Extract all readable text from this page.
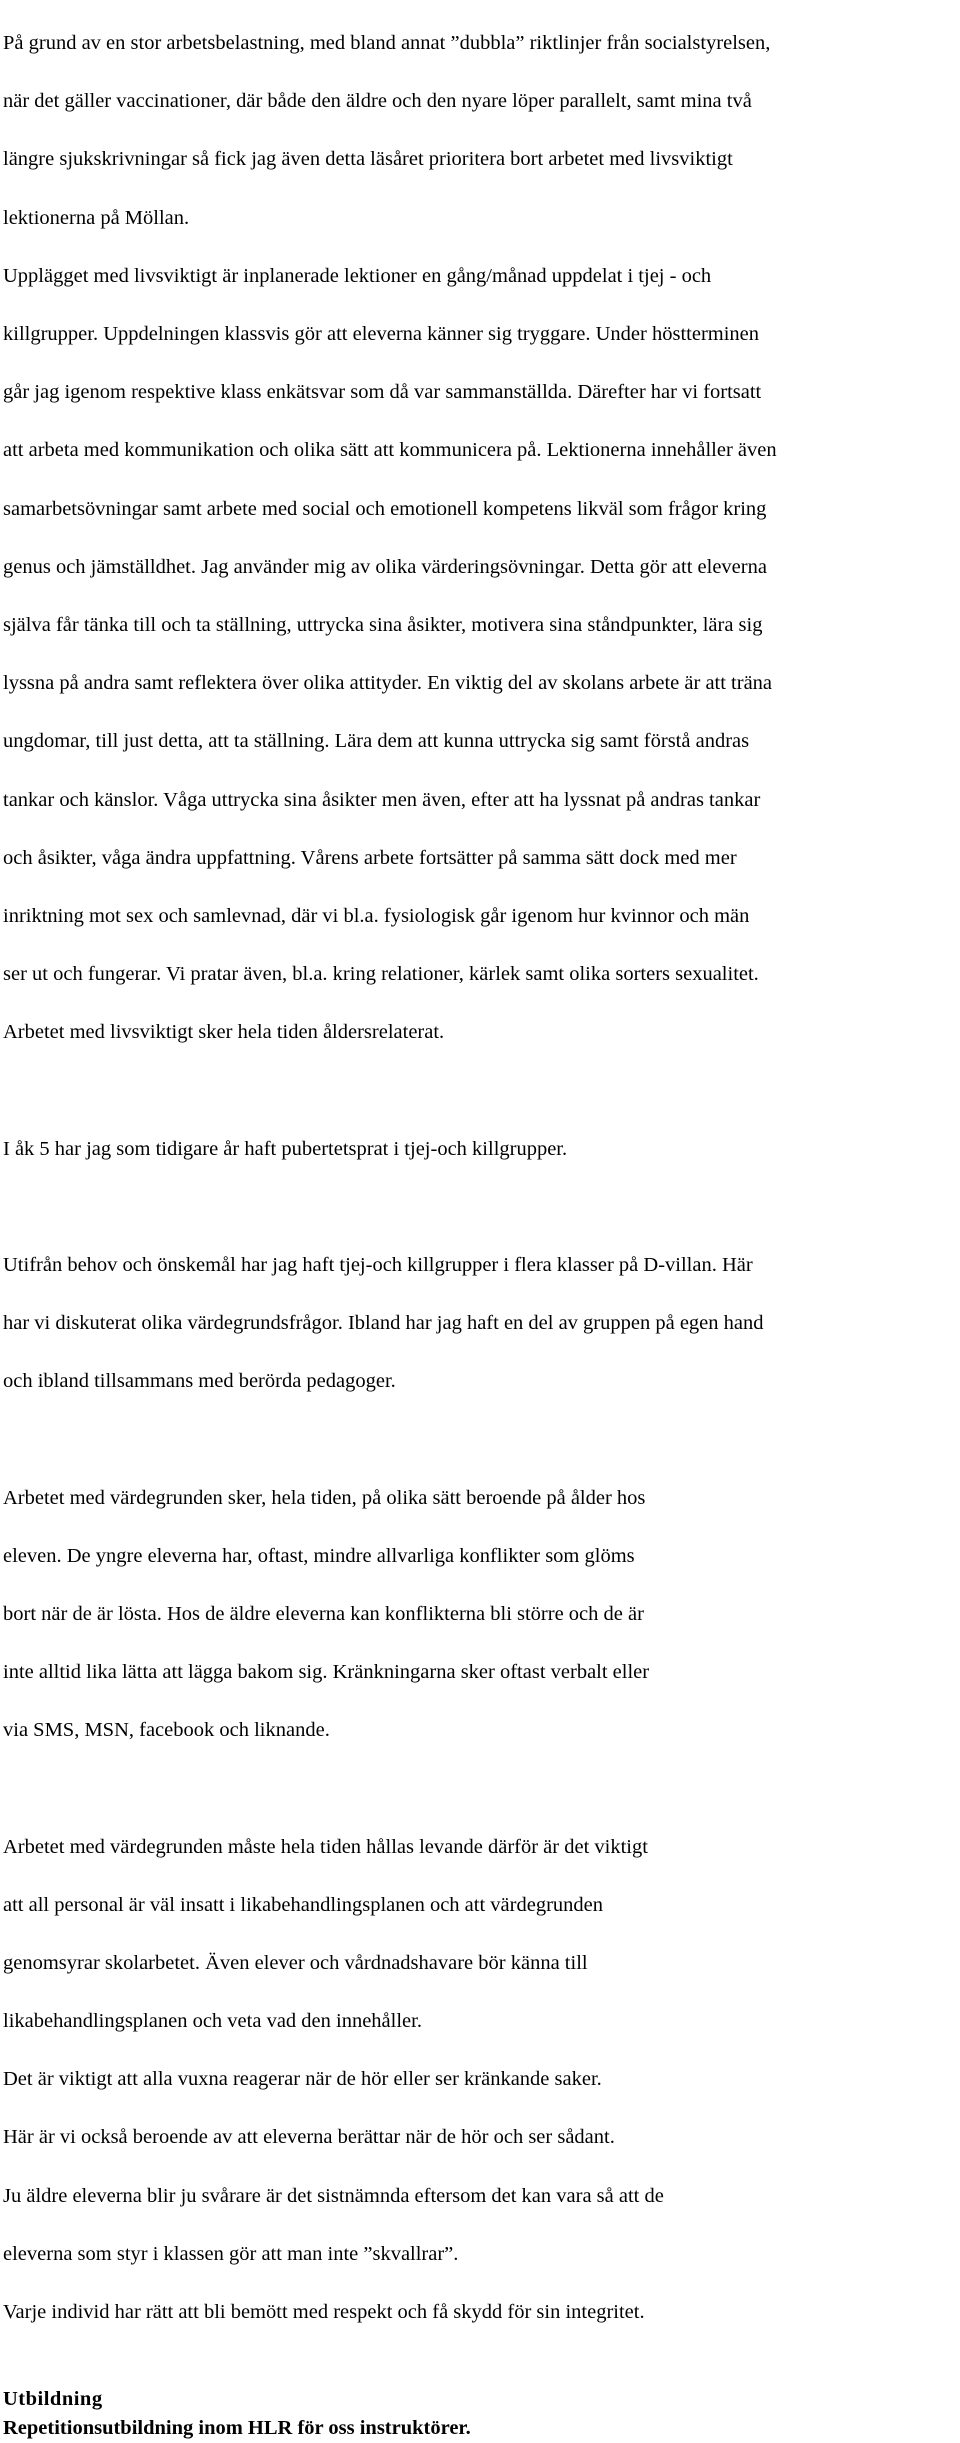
På grund av en stor arbetsbelastning, med bland annat ”dubbla” riktlinjer från socialstyrelsen,

när det gäller vaccinationer, där både den äldre och den nyare löper parallelt, samt mina två

längre sjukskrivningar så fick jag även detta läsåret prioritera bort arbetet med livsviktigt

lektionerna på Möllan.

Upplägget med livsviktigt är inplanerade lektioner en gång/månad uppdelat i tjej - och

killgrupper. Uppdelningen klassvis gör att eleverna känner sig tryggare. Under höstterminen

går jag igenom respektive klass enkätsvar som då var sammanställda. Därefter har vi fortsatt

att arbeta med kommunikation och olika sätt att kommunicera på. Lektionerna innehåller även

samarbetsövningar samt arbete med social och emotionell kompetens likväl som frågor kring

genus och jämställdhet. Jag använder mig av olika värderingsövningar. Detta gör att eleverna

själva får tänka till och ta ställning, uttrycka sina åsikter, motivera sina ståndpunkter, lära sig

lyssna på andra samt reflektera över olika attityder. En viktig del av skolans arbete är att träna

ungdomar, till just detta, att ta ställning. Lära dem att kunna uttrycka sig samt förstå andras

tankar och känslor. Våga uttrycka sina åsikter men även, efter att ha lyssnat på andras tankar

och åsikter, våga ändra uppfattning. Vårens arbete fortsätter på samma sätt dock med mer

inriktning mot sex och samlevnad, där vi bl.a. fysiologisk går igenom hur kvinnor och män

ser ut och fungerar. Vi pratar även, bl.a. kring relationer, kärlek samt olika sorters sexualitet.

Arbetet med livsviktigt sker hela tiden åldersrelaterat.

I åk 5 har jag som tidigare år haft pubertetsprat i tjej-och killgrupper.

Utifrån behov och önskemål har jag haft tjej-och killgrupper i flera klasser på D-villan. Här

har vi diskuterat olika värdegrundsfrågor. Ibland har jag haft en del av gruppen på egen hand

och ibland tillsammans med berörda pedagoger.

Arbetet med värdegrunden sker, hela tiden, på olika sätt beroende på ålder hos

eleven. De yngre eleverna har, oftast, mindre allvarliga konflikter som glöms

bort när de är lösta. Hos de äldre eleverna kan konflikterna bli större och de är

inte alltid lika lätta att lägga bakom sig. Kränkningarna sker oftast verbalt eller

via SMS, MSN, facebook och liknande.

Arbetet med värdegrunden måste hela tiden hållas levande därför är det viktigt

att all personal är väl insatt i likabehandlingsplanen och att värdegrunden

genomsyrar skolarbetet. Även elever och vårdnadshavare bör känna till

likabehandlingsplanen och veta vad den innehåller.

Det är viktigt att alla vuxna reagerar när de hör eller ser kränkande saker.

Här är vi också beroende av att eleverna berättar när de hör och ser sådant.

Ju äldre eleverna blir ju svårare är det sistnämnda eftersom det kan vara så att de

eleverna som styr i klassen gör att man inte ”skvallrar”.

Varje individ har rätt att bli bemött med respekt och få skydd för sin integritet.

Utbildning
Repetitionsutbildning inom HLR för oss instruktörer.
